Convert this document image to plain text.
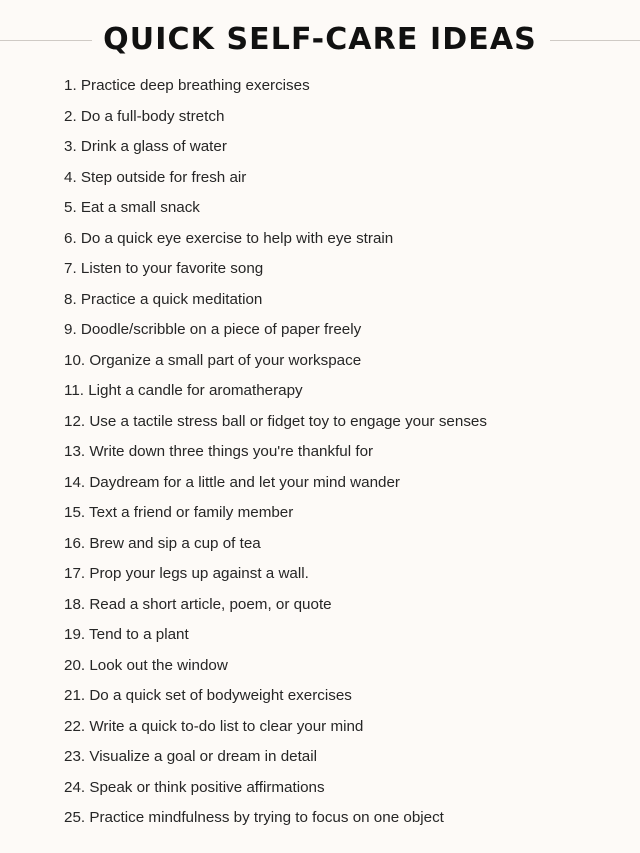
QUICK SELF-CARE IDEAS
1. Practice deep breathing exercises
2. Do a full-body stretch
3. Drink a glass of water
4. Step outside for fresh air
5. Eat a small snack
6. Do a quick eye exercise to help with eye strain
7. Listen to your favorite song
8. Practice a quick meditation
9. Doodle/scribble on a piece of paper freely
10. Organize a small part of your workspace
11. Light a candle for aromatherapy
12. Use a tactile stress ball or fidget toy to engage your senses
13. Write down three things you're thankful for
14. Daydream for a little and let your mind wander
15. Text a friend or family member
16. Brew and sip a cup of tea
17. Prop your legs up against a wall.
18. Read a short article, poem, or quote
19. Tend to a plant
20. Look out the window
21. Do a quick set of bodyweight exercises
22. Write a quick to-do list to clear your mind
23. Visualize a goal or dream in detail
24. Speak or think positive affirmations
25. Practice mindfulness by trying to focus on one object
